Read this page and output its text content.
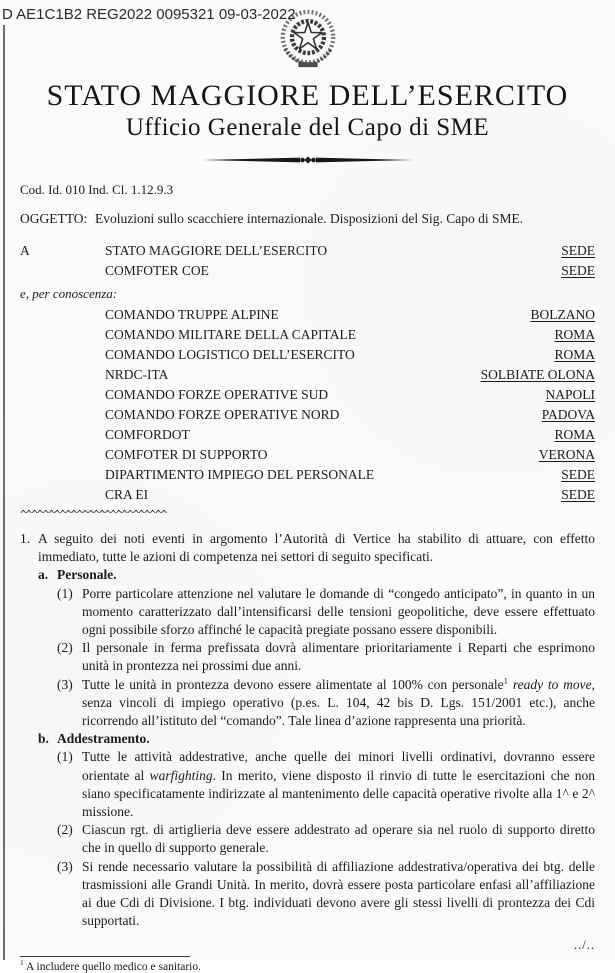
D AE1C1B2 REG2022 0095321 09-03-2022
STATO MAGGIORE DELL’ESERCITO
Ufficio Generale del Capo di SME
Cod. Id. 010 Ind. Cl. 1.12.9.3
OGGETTO: Evoluzioni sullo scacchiere internazionale. Disposizioni del Sig. Capo di SME.
A	STATO MAGGIORE DELL’ESERCITO	SEDE
COMFOTER COE	SEDE
e, per conoscenza:
COMANDO TRUPPE ALPINE	BOLZANO
COMANDO MILITARE DELLA CAPITALE	ROMA
COMANDO LOGISTICO DELL’ESERCITO	ROMA
NRDC-ITA	SOLBIATE OLONA
COMANDO FORZE OPERATIVE SUD	NAPOLI
COMANDO FORZE OPERATIVE NORD	PADOVA
COMFORDOT	ROMA
COMFOTER DI SUPPORTO	VERONA
DIPARTIMENTO IMPIEGO DEL PERSONALE	SEDE
CRA EI	SEDE
^^^^^^^^^^^^^^^^^^^^^^^^^^
1. A seguito dei noti eventi in argomento l’Autorità di Vertice ha stabilito di attuare, con effetto immediato, tutte le azioni di competenza nei settori di seguito specificati.
a. Personale.
(1) Porre particolare attenzione nel valutare le domande di “congedo anticipato”, in quanto in un momento caratterizzato dall’intensificarsi delle tensioni geopolitiche, deve essere effettuato ogni possibile sforzo affinché le capacità pregiate possano essere disponibili.
(2) Il personale in ferma prefissata dovrà alimentare prioritariamente i Reparti che esprimono unità in prontezza nei prossimi due anni.
(3) Tutte le unità in prontezza devono essere alimentate al 100% con personale$^1$ ready to move, senza vincoli di impiego operativo (p.es. L. 104, 42 bis D. Lgs. 151/2001 etc.), anche ricorrendo all’istituto del “comando”. Tale linea d’azione rappresenta una priorità.
b. Addestramento.
(1) Tutte le attività addestrative, anche quelle dei minori livelli ordinativi, dovranno essere orientate al warfighting. In merito, viene disposto il rinvio di tutte le esercitazioni che non siano specificatamente indirizzate al mantenimento delle capacità operative rivolte alla 1^ e 2^ missione.
(2) Ciascun rgt. di artiglieria deve essere addestrato ad operare sia nel ruolo di supporto diretto che in quello di supporto generale.
(3) Si rende necessario valutare la possibilità di affiliazione addestrativa/operativa dei btg. delle trasmissioni alle Grandi Unità. In merito, dovrà essere posta particolare enfasi all’affiliazione ai due Cdi di Divisione. I btg. individuati devono avere gli stessi livelli di prontezza dei Cdi supportati.
../..
$^1$ A includere quello medico e sanitario.
